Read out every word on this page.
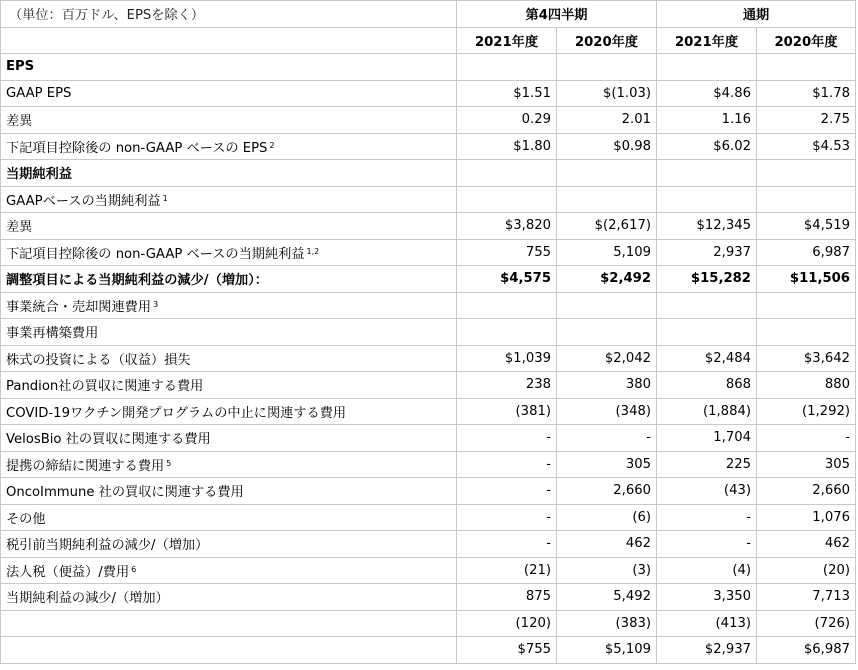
（単位：百万ドル、EPSを除く）	第4四半期		通期	
	2021年度	2020年度	2021年度	2020年度
EPS				
GAAP EPS	$1.51	$(1.03)	$4.86	$1.78
差異	0.29	2.01	1.16	2.75
下記項目控除後の non-GAAP ベースの EPS $^2$	$1.80	$0.98	$6.02	$4.53
当期純利益				
GAAPベースの当期純利益 $^1$				
差異	$3,820	$(2,617)	$12,345	$4,519
下記項目控除後の non-GAAP ベースの当期純利益 $^{1,2}$	755	5,109	2,937	6,987
調整項目による当期純利益の減少/（増加）：	$4,575	$2,492	$15,282	$11,506
事業統合・売却関連費用 $^3$				
事業再構築費用				
株式の投資による（収益）損失	$1,039	$2,042	$2,484	$3,642
Pandion社の買収に関連する費用	238	380	868	880
COVID-19ワクチン開発プログラムの中止に関連する費用	(381)	(348)	(1,884)	(1,292)
VelosBio 社の買収に関連する費用	-	-	1,704	-
提携の締結に関連する費用 $^5$	-	305	225	305
OncoImmune 社の買収に関連する費用	-	2,660	(43)	2,660
その他	-	(6)	-	1,076
税引前当期純利益の減少/（増加）	-	462	-	462
法人税（便益）/費用 $^6$	(21)	(3)	(4)	(20)
当期純利益の減少/（増加）	875	5,492	3,350	7,713
	(120)	(383)	(413)	(726)
	$755	$5,109	$2,937	$6,987
